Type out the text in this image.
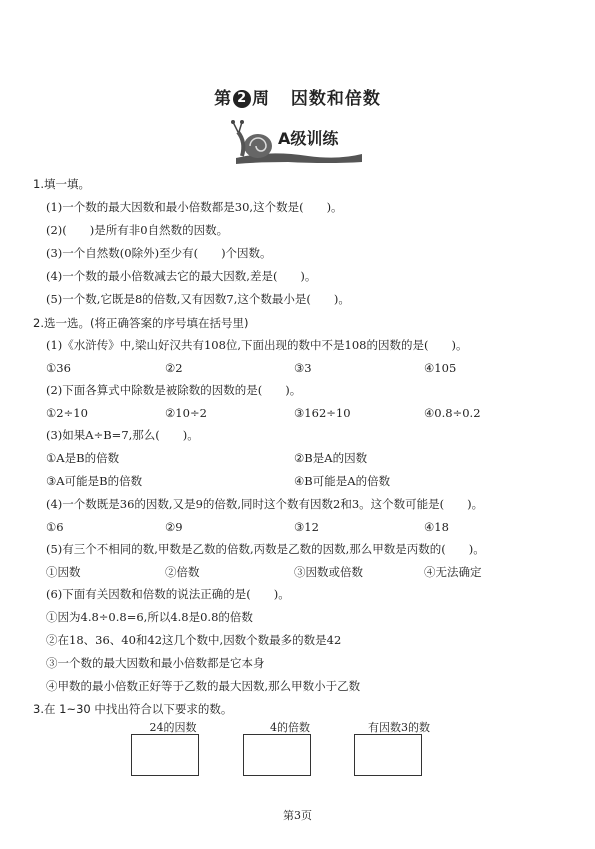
第 2 周 因数和倍数
A级训练
1.填一填。
(1)一个数的最大因数和最小倍数都是30,这个数是(　　)。
(2)(　　)是所有非0自然数的因数。
(3)一个自然数(0除外)至少有(　　)个因数。
(4)一个数的最小倍数减去它的最大因数,差是(　　)。
(5)一个数,它既是8的倍数,又有因数7,这个数最小是(　　)。
2.选一选。(将正确答案的序号填在括号里)
(1)《水浒传》中,梁山好汉共有108位,下面出现的数中不是108的因数的是(　　)。
①36	②2	③3	④105
(2)下面各算式中除数是被除数的因数的是(　　)。
①2÷10	②10÷2	③162÷10	④0.8÷0.2
(3)如果A÷B=7,那么(　　)。
①A是B的倍数	②B是A的因数
③A可能是B的倍数	④B可能是A的倍数
(4)一个数既是36的因数,又是9的倍数,同时这个数有因数2和3。这个数可能是(　　)。
①6	②9	③12	④18
(5)有三个不相同的数,甲数是乙数的倍数,丙数是乙数的因数,那么甲数是丙数的(　　)。
①因数	②倍数	③因数或倍数	④无法确定
(6)下面有关因数和倍数的说法正确的是(　　)。
①因为4.8÷0.8=6,所以4.8是0.8的倍数
②在18、36、40和42这几个数中,因数个数最多的数是42
③一个数的最大因数和最小倍数都是它本身
④甲数的最小倍数正好等于乙数的最大因数,那么甲数小于乙数
3.在 1~30 中找出符合以下要求的数。
24的因数	4的倍数	有因数3的数
第3页
